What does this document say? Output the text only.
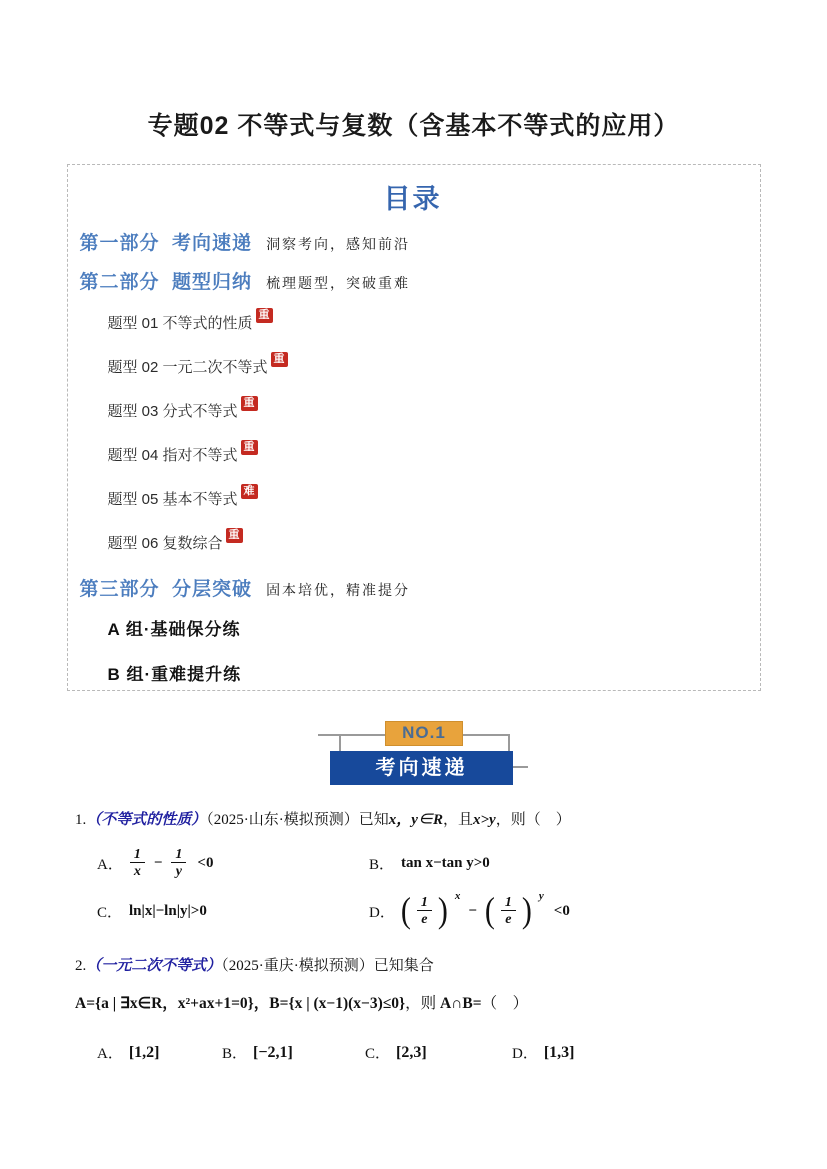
专题02 不等式与复数（含基本不等式的应用）
目录
第一部分  考向速递 洞察考向，感知前沿
第二部分  题型归纳 梳理题型，突破重难
题型 01 不等式的性质 重
题型 02 一元二次不等式 重
题型 03 分式不等式 重
题型 04 指对不等式 重
题型 05 基本不等式 难
题型 06 复数综合 重
第三部分  分层突破 固本培优，精准提分
A 组·基础保分练
B 组·重难提升练
NO.1
考向速递
1.（不等式的性质）（2025·山东·模拟预测）已知x，y∈R，且x>y，则（　）
A． $\frac{1}{x} - \frac{1}{y} <0$	B． tan x−tan y>0
C． ln|x|−ln|y|>0	D． ( $\frac{1}{e}$ ) x
− ( $\frac{1}{e}$ ) y
<0
2.（一元二次不等式）（2025·重庆·模拟预测）已知集合
A={a | ∃x∈R，x²+ax+1=0}，B={x | (x−1)(x−3)≤0}，则 A∩B=（　）
A． [1,2]	B． [−2,1]	C． [2,3]	D． [1,3]
